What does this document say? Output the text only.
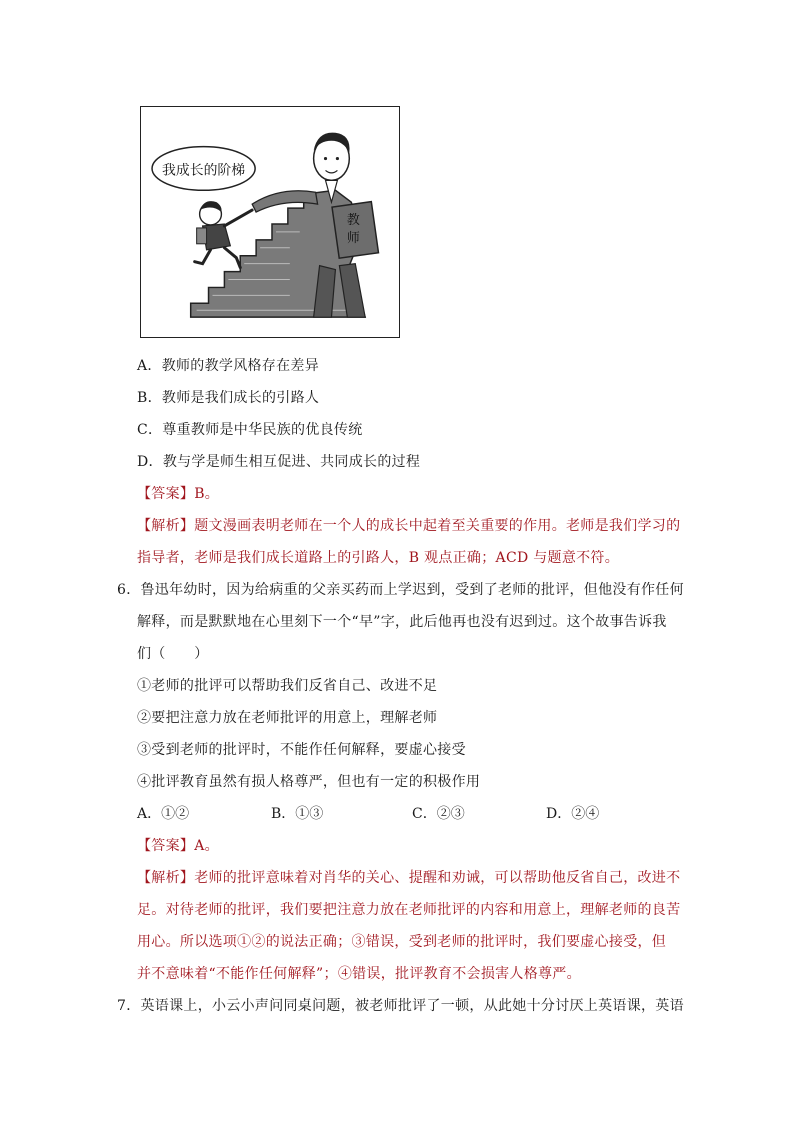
我成长的阶梯
教
师
A．教师的教学风格存在差异
B．教师是我们成长的引路人
C．尊重教师是中华民族的优良传统
D．教与学是师生相互促进、共同成长的过程
【答案】B。
【解析】题文漫画表明老师在一个人的成长中起着至关重要的作用。老师是我们学习的
指导者，老师是我们成长道路上的引路人，B 观点正确；ACD 与题意不符。
6．鲁迅年幼时，因为给病重的父亲买药而上学迟到，受到了老师的批评，但他没有作任何
解释，而是默默地在心里刻下一个“早”字，此后他再也没有迟到过。这个故事告诉我
们（　　）
①老师的批评可以帮助我们反省自己、改进不足
②要把注意力放在老师批评的用意上，理解老师
③受到老师的批评时，不能作任何解释，要虚心接受
④批评教育虽然有损人格尊严，但也有一定的积极作用
A．①②	B．①③	C．②③	D．②④
【答案】A。
【解析】老师的批评意味着对肖华的关心、提醒和劝诫，可以帮助他反省自己，改进不
足。对待老师的批评，我们要把注意力放在老师批评的内容和用意上，理解老师的良苦
用心。所以选项①②的说法正确；③错误，受到老师的批评时，我们要虚心接受，但
并不意味着“不能作任何解释”；④错误，批评教育不会损害人格尊严。
7．英语课上，小云小声问同桌问题，被老师批评了一顿，从此她十分讨厌上英语课，英语
